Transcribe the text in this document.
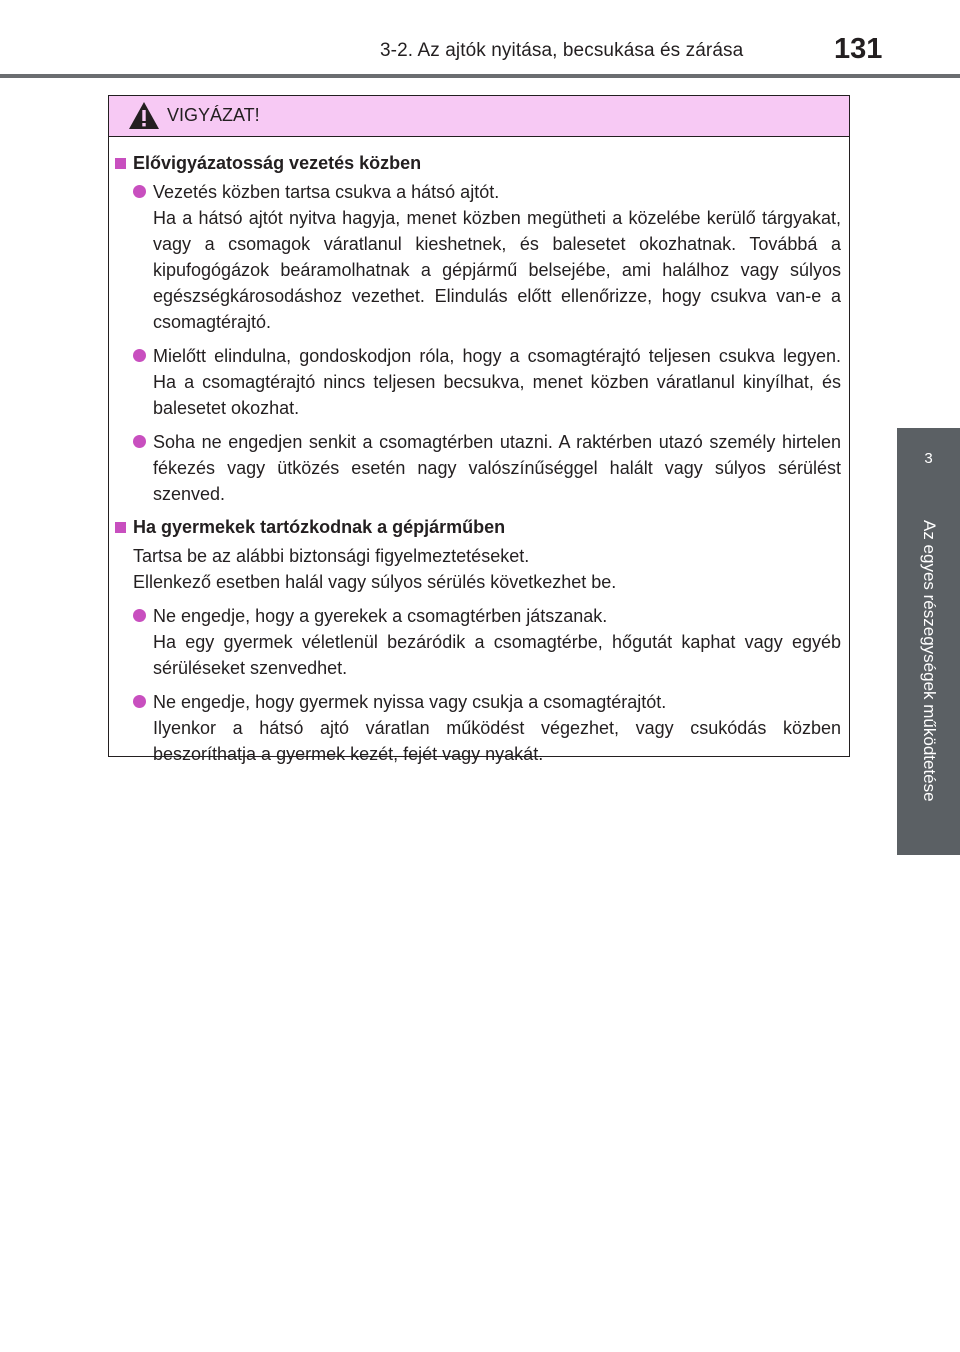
3-2. Az ajtók nyitása, becsukása és zárása	131
3
Az egyes részegységek működtetése
VIGYÁZAT!
Elővigyázatosság vezetés közben

Vezetés közben tartsa csukva a hátsó ajtót.

Ha a hátsó ajtót nyitva hagyja, menet közben megütheti a közelébe kerülő tárgyakat, vagy a csomagok váratlanul kieshetnek, és balesetet okozhatnak. Továbbá a kipufogógázok beáramolhatnak a gépjármű belsejébe, ami halálhoz vagy súlyos egészségkárosodáshoz vezethet. Elindulás előtt ellenőrizze, hogy csukva van-e a csomagtérajtó.

Mielőtt elindulna, gondoskodjon róla, hogy a csomagtérajtó teljesen csukva legyen. Ha a csomagtérajtó nincs teljesen becsukva, menet közben váratlanul kinyílhat, és balesetet okozhat.

Soha ne engedjen senkit a csomagtérben utazni. A raktérben utazó személy hirtelen fékezés vagy ütközés esetén nagy valószínűséggel halált vagy súlyos sérülést szenved.

Ha gyermekek tartózkodnak a gépjárműben

Tartsa be az alábbi biztonsági figyelmeztetéseket.

Ellenkező esetben halál vagy súlyos sérülés következhet be.

Ne engedje, hogy a gyerekek a csomagtérben játszanak.

Ha egy gyermek véletlenül bezáródik a csomagtérbe, hőgutát kaphat vagy egyéb sérüléseket szenvedhet.

Ne engedje, hogy gyermek nyissa vagy csukja a csomagtérajtót.

Ilyenkor a hátsó ajtó váratlan működést végezhet, vagy csukódás közben beszoríthatja a gyermek kezét, fejét vagy nyakát.
